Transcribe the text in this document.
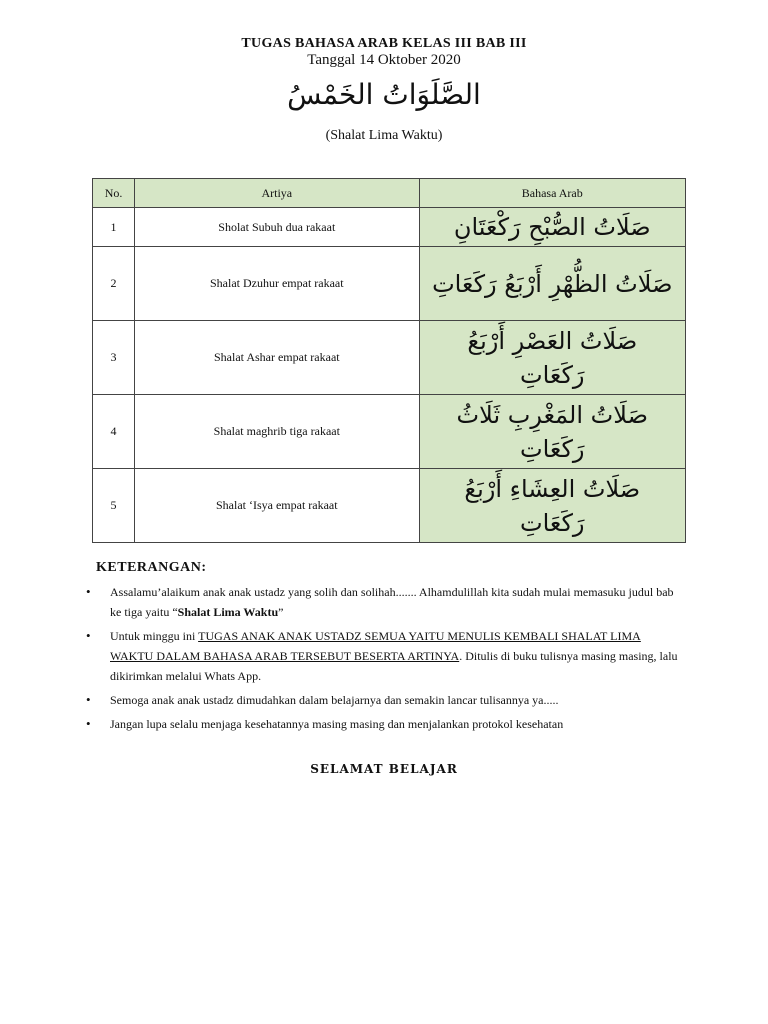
TUGAS BAHASA ARAB KELAS III BAB III
Tanggal 14 Oktober 2020
الصَّلَوَاتُ الخَمْسُ
(Shalat Lima Waktu)
No.	Artiya	Bahasa Arab
1	Sholat Subuh dua rakaat	صَلَاتُ الصُّبْحِ رَكْعَتَانِ
2	Shalat Dzuhur empat rakaat	صَلَاتُ الظُّهْرِ أَرْبَعُ رَكَعَاتِ
3	Shalat Ashar empat rakaat	صَلَاتُ العَصْرِ أَرْبَعُ رَكَعَاتِ
4	Shalat maghrib tiga rakaat	صَلَاتُ المَغْرِبِ ثَلَاثُ رَكَعَاتِ
5	Shalat ‘Isya empat rakaat	صَلَاتُ العِشَاءِ أَرْبَعُ رَكَعَاتِ
KETERANGAN:
• Assalamu’alaikum anak anak ustadz yang solih dan solihah....... Alhamdulillah kita sudah mulai memasuku judul bab ke tiga yaitu “Shalat Lima Waktu”
• Untuk minggu ini TUGAS ANAK ANAK USTADZ SEMUA YAITU MENULIS KEMBALI SHALAT LIMA WAKTU DALAM BAHASA ARAB TERSEBUT BESERTA ARTINYA. Ditulis di buku tulisnya masing masing, lalu dikirimkan melalui Whats App.
• Semoga anak anak ustadz dimudahkan dalam belajarnya dan semakin lancar tulisannya ya.....
• Jangan lupa selalu menjaga kesehatannya masing masing dan menjalankan protokol kesehatan
SELAMAT BELAJAR
